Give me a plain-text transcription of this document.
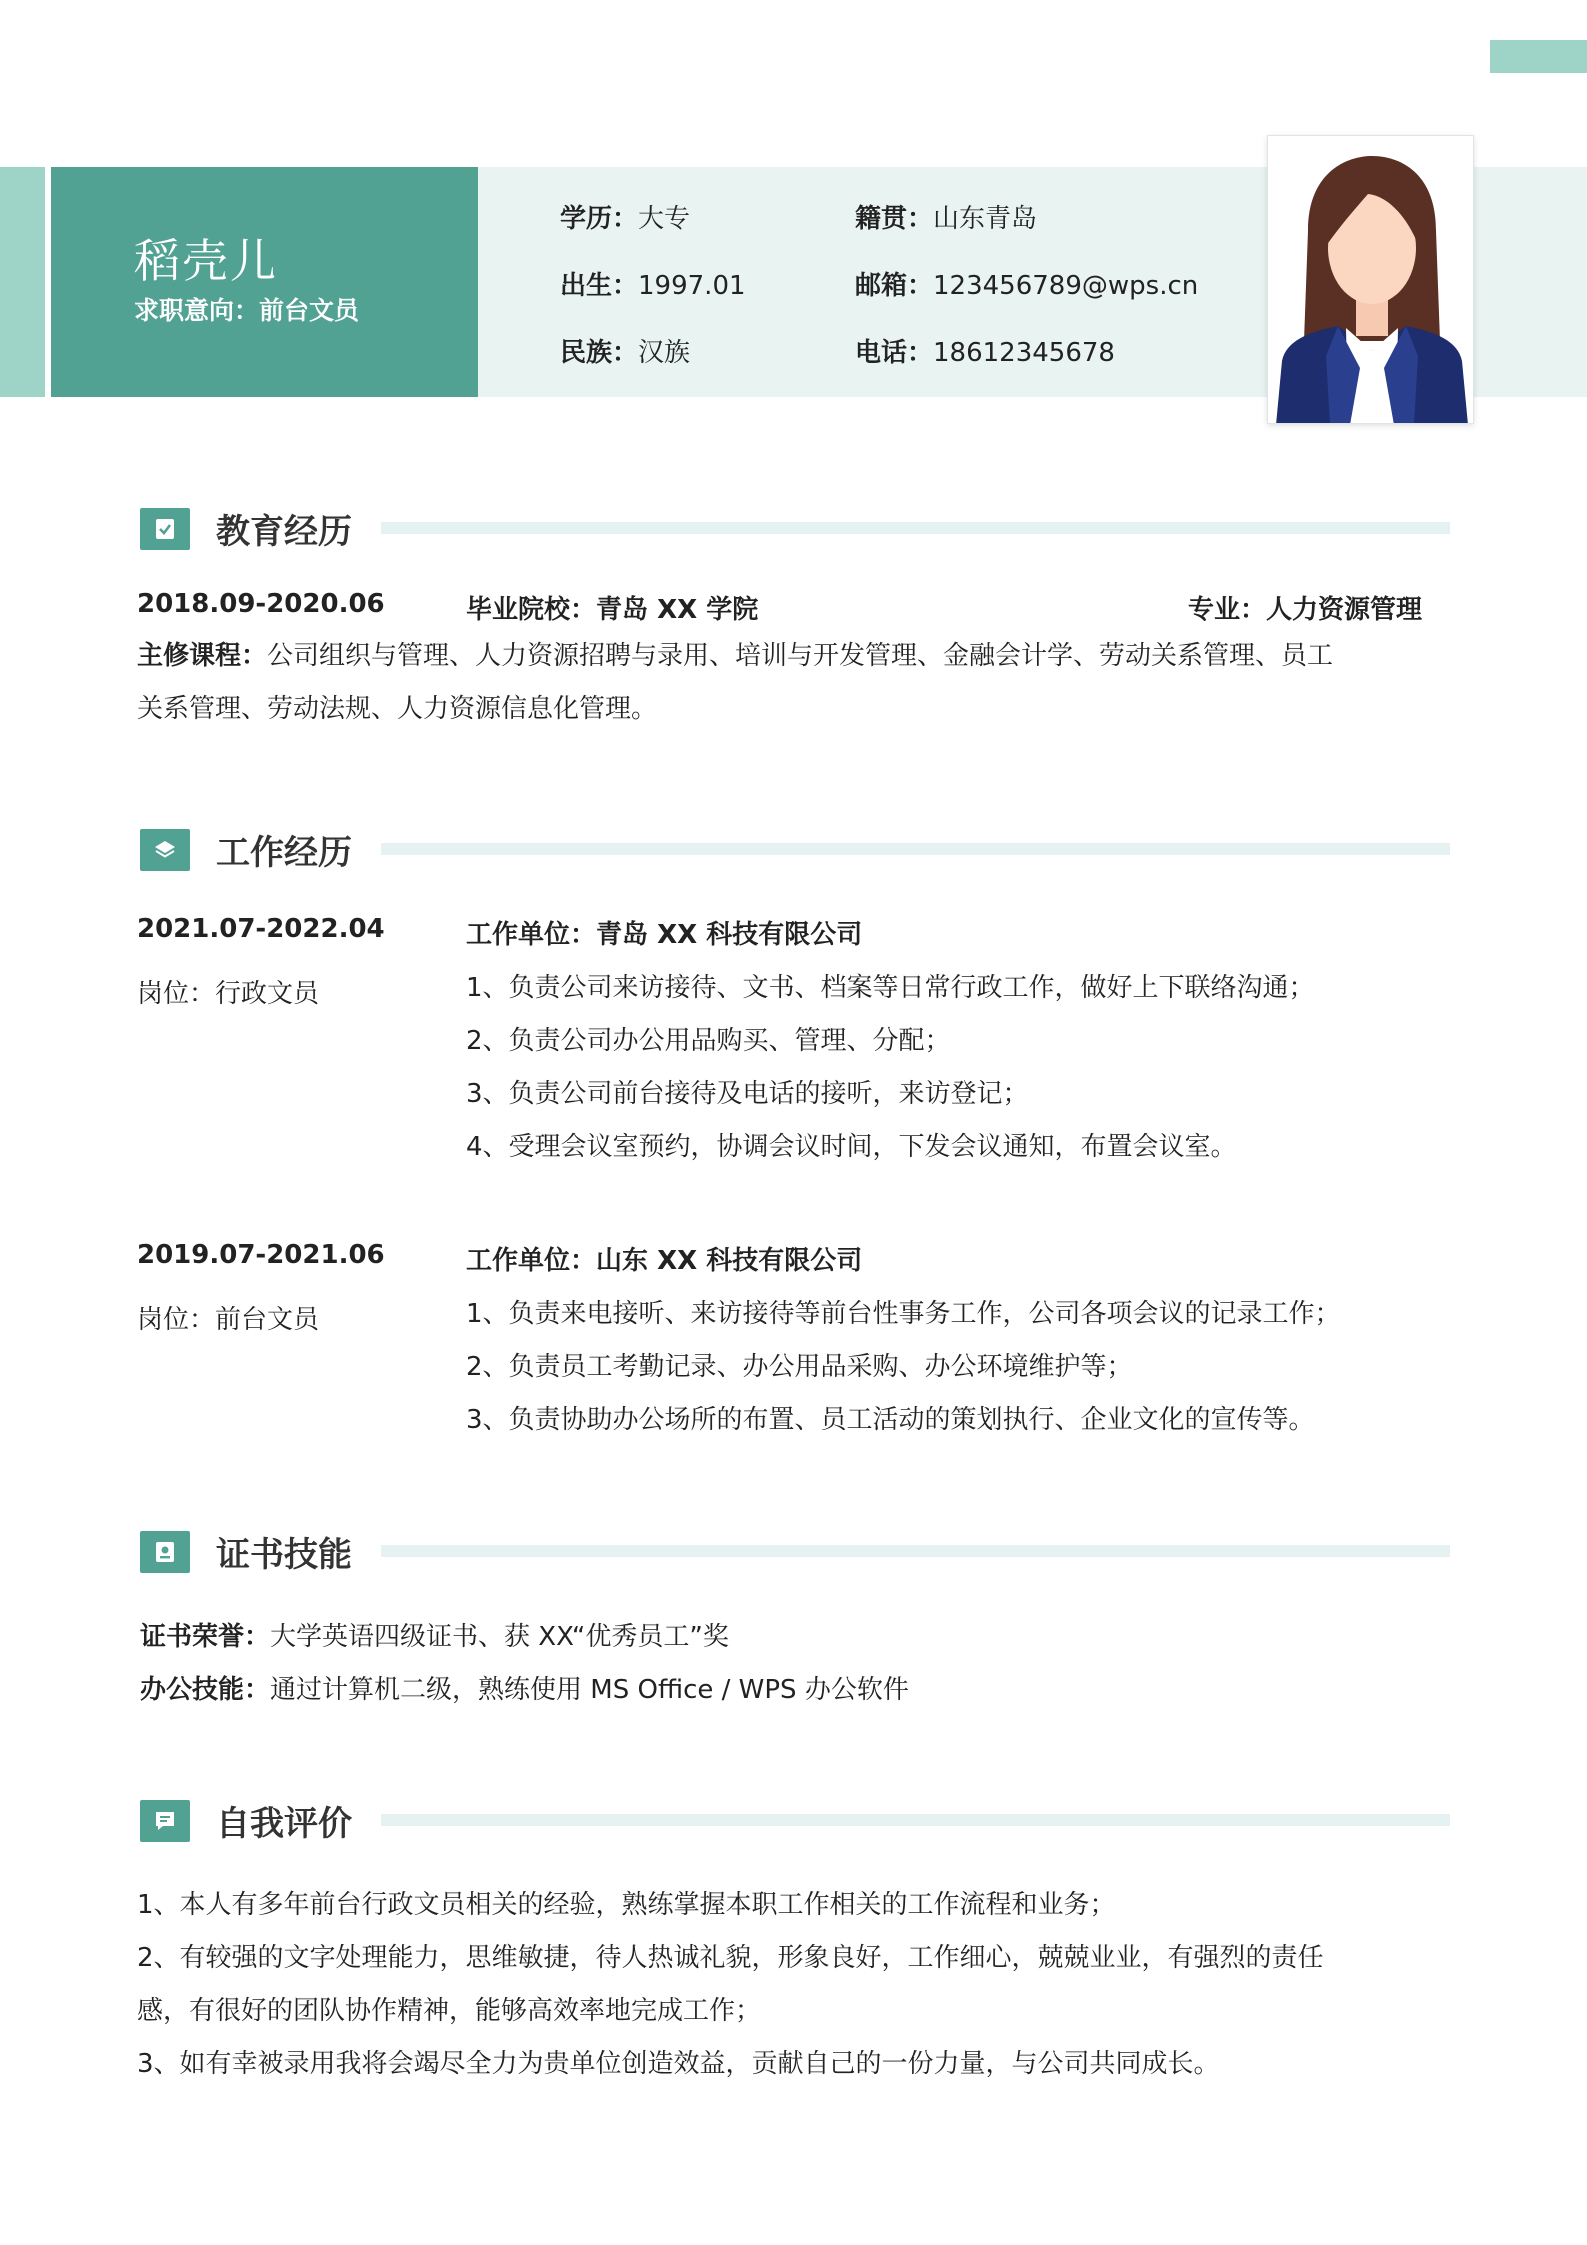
稻壳儿
求职意向：前台文员
学历：大专	籍贯：山东青岛
出生：1997.01	邮箱：123456789@wps.cn
民族：汉族	电话：18612345678
教育经历
2018.09-2020.06	毕业院校：青岛 XX 学院	专业：人力资源管理
主修课程：公司组织与管理、人力资源招聘与录用、培训与开发管理、金融会计学、劳动关系管理、员工
关系管理、劳动法规、人力资源信息化管理。
工作经历
2021.07-2022.04
岗位：行政文员
工作单位：青岛 XX 科技有限公司
1、负责公司来访接待、文书、档案等日常行政工作，做好上下联络沟通；
2、负责公司办公用品购买、管理、分配；
3、负责公司前台接待及电话的接听，来访登记；
4、受理会议室预约，协调会议时间，下发会议通知，布置会议室。
2019.07-2021.06
岗位：前台文员
工作单位：山东 XX 科技有限公司
1、负责来电接听、来访接待等前台性事务工作，公司各项会议的记录工作；
2、负责员工考勤记录、办公用品采购、办公环境维护等；
3、负责协助办公场所的布置、员工活动的策划执行、企业文化的宣传等。
证书技能
证书荣誉：大学英语四级证书、获 XX“优秀员工”奖
办公技能：通过计算机二级，熟练使用 MS Office / WPS 办公软件
自我评价
1、本人有多年前台行政文员相关的经验，熟练掌握本职工作相关的工作流程和业务；
2、有较强的文字处理能力，思维敏捷，待人热诚礼貌，形象良好，工作细心，兢兢业业，有强烈的责任
感，有很好的团队协作精神，能够高效率地完成工作；
3、如有幸被录用我将会竭尽全力为贵单位创造效益，贡献自己的一份力量，与公司共同成长。
